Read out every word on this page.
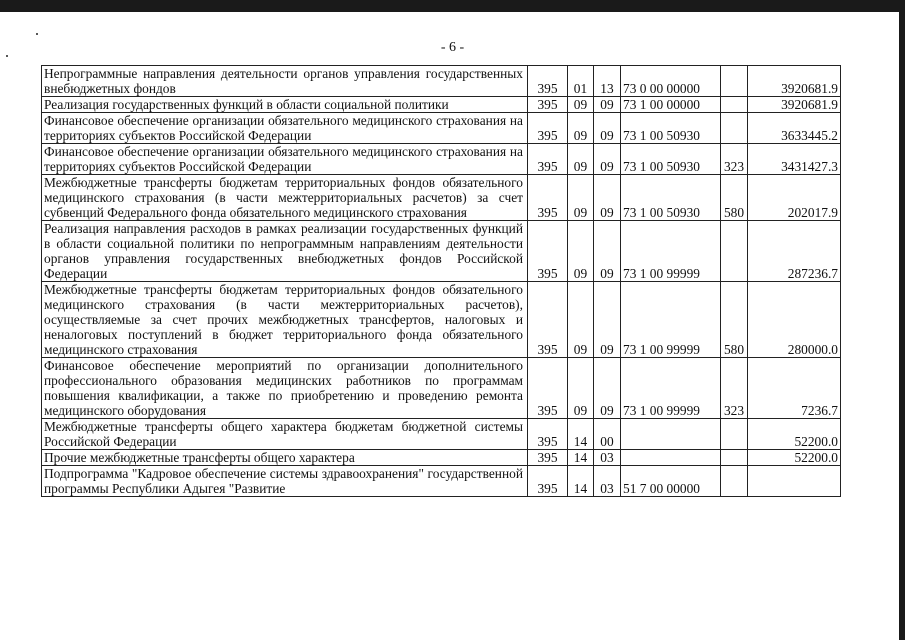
- 6 -
Непрограммные направления деятельности органов управления государственных внебюджетных фондов	395	01	13	73 0 00 00000		3920681.9
Реализация государственных функций в области социальной политики	395	09	09	73 1 00 00000		3920681.9
Финансовое обеспечение организации обязательного медицинского страхования на территориях субъектов Российской Федерации	395	09	09	73 1 00 50930		3633445.2
Финансовое обеспечение организации обязательного медицинского страхования на территориях субъектов Российской Федерации	395	09	09	73 1 00 50930	323	3431427.3
Межбюджетные трансферты бюджетам территориальных фондов обязательного медицинского страхования (в части межтерриториальных расчетов) за счет субвенций Федерального фонда обязательного медицинского страхования	395	09	09	73 1 00 50930	580	202017.9
Реализация направления расходов в рамках реализации государственных функций в области социальной политики по непрограммным направлениям деятельности органов управления государственных внебюджетных фондов Российской Федерации	395	09	09	73 1 00 99999		287236.7
Межбюджетные трансферты бюджетам территориальных фондов обязательного медицинского страхования (в части межтерриториальных расчетов), осуществляемые за счет прочих межбюджетных трансфертов, налоговых и неналоговых поступлений в бюджет территориального фонда обязательного медицинского страхования	395	09	09	73 1 00 99999	580	280000.0
Финансовое обеспечение мероприятий по организации дополнительного профессионального образования медицинских работников по программам повышения квалификации, а также по приобретению и проведению ремонта медицинского оборудования	395	09	09	73 1 00 99999	323	7236.7
Межбюджетные трансферты общего характера бюджетам бюджетной системы Российской Федерации	395	14	00			52200.0
Прочие межбюджетные трансферты общего характера	395	14	03			52200.0
Подпрограмма "Кадровое обеспечение системы здравоохранения" государственной программы Республики Адыгея "Развитие	395	14	03	51 7 00 00000		
